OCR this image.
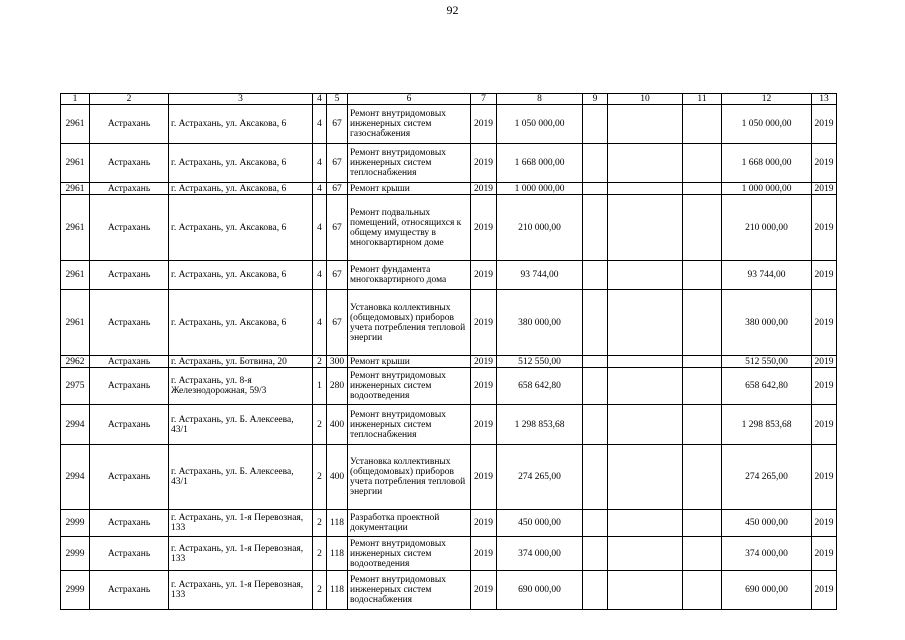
92
1	2	3	4	5	6	7	8	9	10	11	12	13
2961	Астрахань	г. Астрахань, ул. Аксакова, 6	4	67	Ремонт внутридомовых инженерных систем газоснабжения	2019	1 050 000,00				1 050 000,00	2019
2961	Астрахань	г. Астрахань, ул. Аксакова, 6	4	67	Ремонт внутридомовых инженерных систем теплоснабжения	2019	1 668 000,00				1 668 000,00	2019
2961	Астрахань	г. Астрахань, ул. Аксакова, 6	4	67	Ремонт крыши	2019	1 000 000,00				1 000 000,00	2019
2961	Астрахань	г. Астрахань, ул. Аксакова, 6	4	67	Ремонт подвальных помещений, относящихся к общему имуществу в многоквартирном доме	2019	210 000,00				210 000,00	2019
2961	Астрахань	г. Астрахань, ул. Аксакова, 6	4	67	Ремонт фундамента многоквартирного дома	2019	93 744,00				93 744,00	2019
2961	Астрахань	г. Астрахань, ул. Аксакова, 6	4	67	Установка коллективных (общедомовых) приборов учета потребления тепловой энергии	2019	380 000,00				380 000,00	2019
2962	Астрахань	г. Астрахань, ул. Ботвина, 20	2	300	Ремонт крыши	2019	512 550,00				512 550,00	2019
2975	Астрахань	г. Астрахань, ул. 8-я Железнодорожная, 59/3	1	280	Ремонт внутридомовых инженерных систем водоотведения	2019	658 642,80				658 642,80	2019
2994	Астрахань	г. Астрахань, ул. Б. Алексеева, 43/1	2	400	Ремонт внутридомовых инженерных систем теплоснабжения	2019	1 298 853,68				1 298 853,68	2019
2994	Астрахань	г. Астрахань, ул. Б. Алексеева, 43/1	2	400	Установка коллективных (общедомовых) приборов учета потребления тепловой энергии	2019	274 265,00				274 265,00	2019
2999	Астрахань	г. Астрахань, ул. 1-я Перевозная, 133	2	118	Разработка проектной документации	2019	450 000,00				450 000,00	2019
2999	Астрахань	г. Астрахань, ул. 1-я Перевозная, 133	2	118	Ремонт внутридомовых инженерных систем водоотведения	2019	374 000,00				374 000,00	2019
2999	Астрахань	г. Астрахань, ул. 1-я Перевозная, 133	2	118	Ремонт внутридомовых инженерных систем водоснабжения	2019	690 000,00				690 000,00	2019
